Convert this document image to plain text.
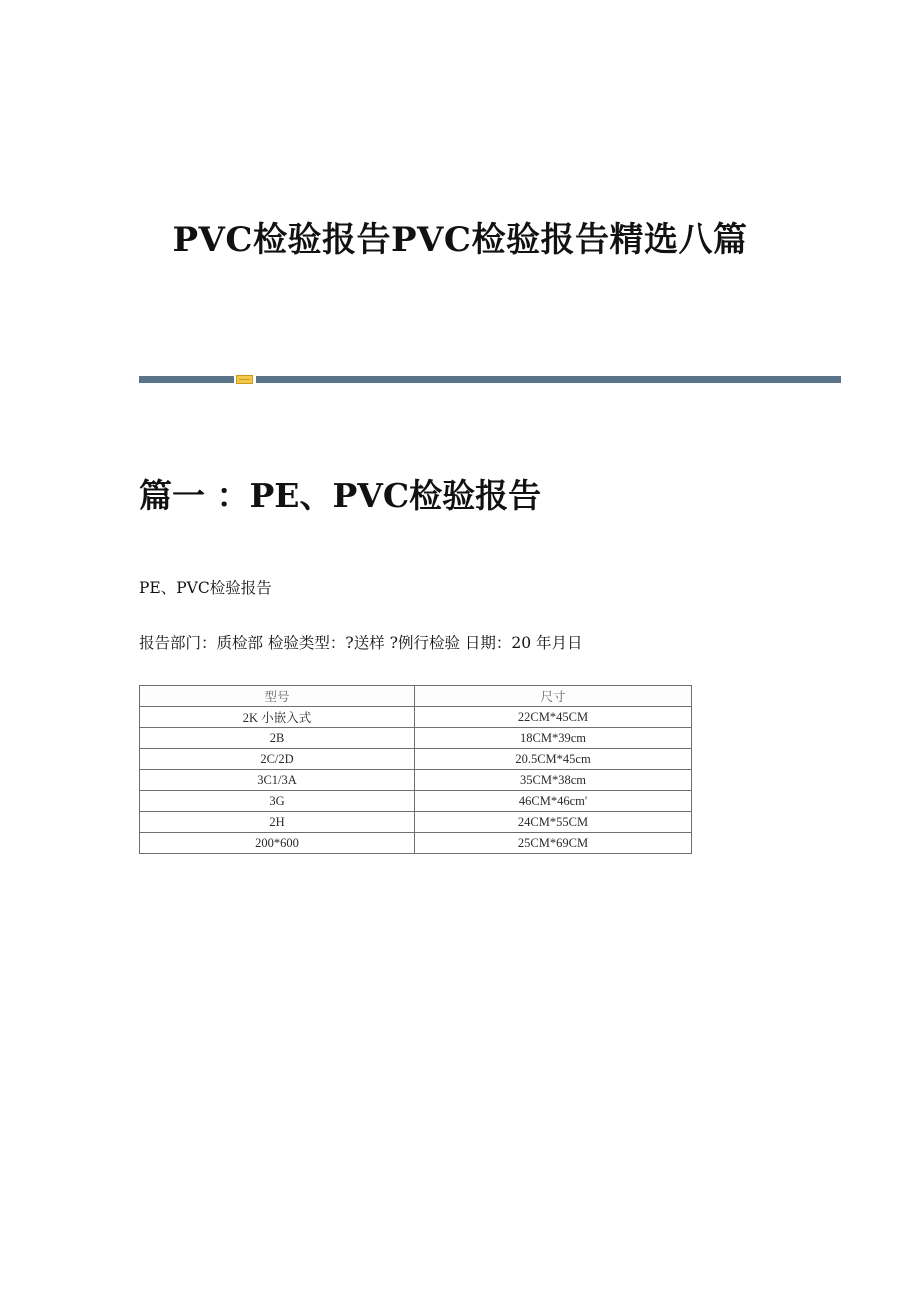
PVC检验报告PVC检验报告精选八篇
篇一 ：PE、PVC检验报告

PE、PVC检验报告

报告部门：质检部 检验类型：?送样 ?例行检验 日期：20 年月日

型号	尺寸
2K 小嵌入式	22CM*45CM
2B	18CM*39cm
2C/2D	20.5CM*45cm
3C1/3A	35CM*38cm
3G	46CM*46cm'
2H	24CM*55CM
200*600	25CM*69CM
